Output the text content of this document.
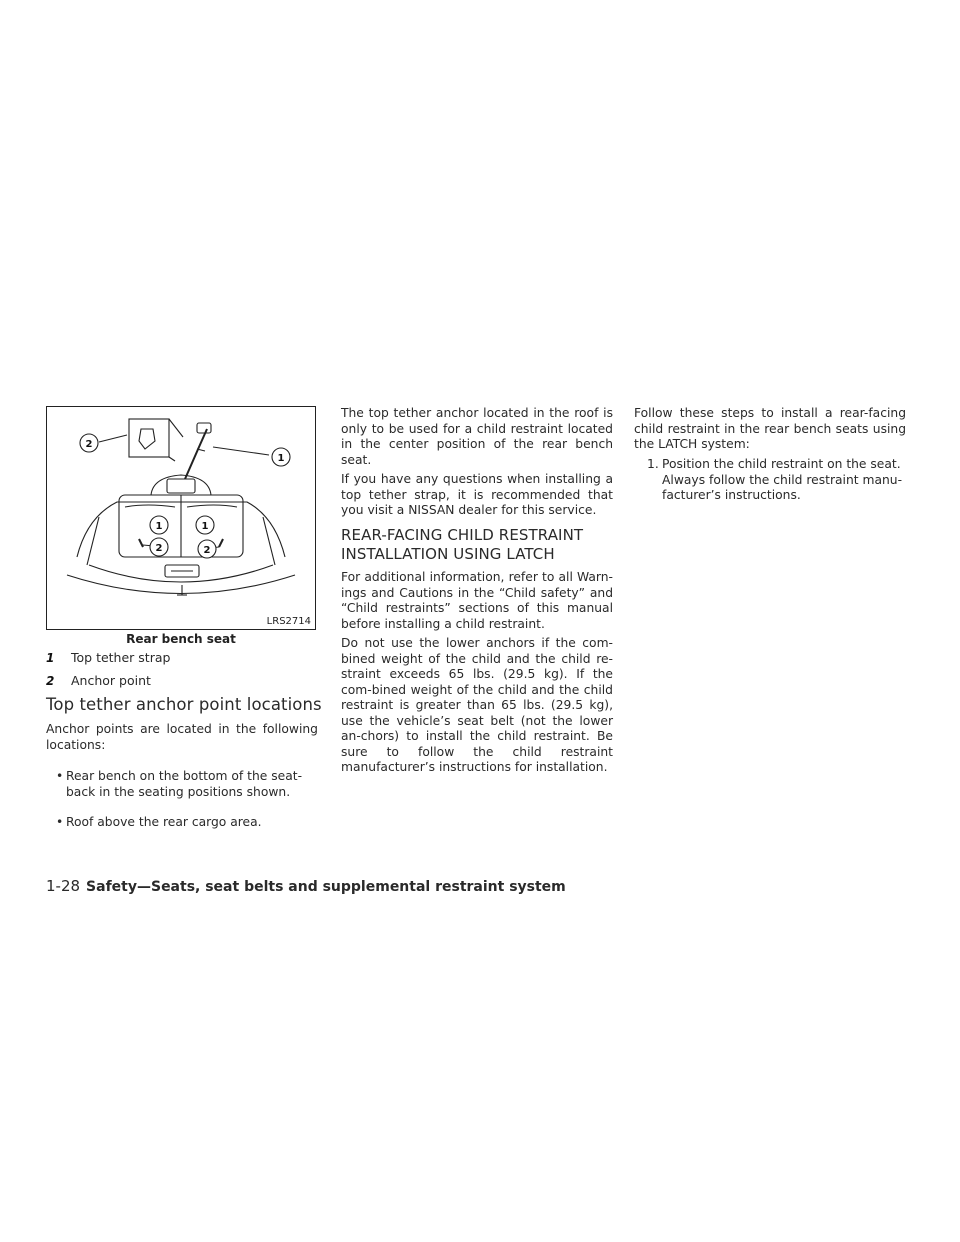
2
1
1	1
2	2
LRS2714
Rear bench seat
1	Top tether strap
2	Anchor point
Top tether anchor point locations

Anchor points are located in the following locations:

• Rear bench on the bottom of the seat-back in the seating positions shown.

• Roof above the rear cargo area.

The top tether anchor located in the roof is only to be used for a child restraint located in the center position of the rear bench seat.

If you have any questions when installing a top tether strap, it is recommended that you visit a NISSAN dealer for this service.

REAR-FACING CHILD RESTRAINT
INSTALLATION USING LATCH

For additional information, refer to all Warn-ings and Cautions in the “Child safety” and “Child restraints” sections of this manual before installing a child restraint.

Do not use the lower anchors if the com-bined weight of the child and the child re-straint exceeds 65 lbs. (29.5 kg). If the com-bined weight of the child and the child restraint is greater than 65 lbs. (29.5 kg), use the vehicle’s seat belt (not the lower an-chors) to install the child restraint. Be sure to follow the child restraint manufacturer’s instructions for installation.

Follow these steps to install a rear-facing child restraint in the rear bench seats using the LATCH system:

1. Position the child restraint on the seat. Always follow the child restraint manu-facturer’s instructions.

1-28 Safety—Seats, seat belts and supplemental restraint system
